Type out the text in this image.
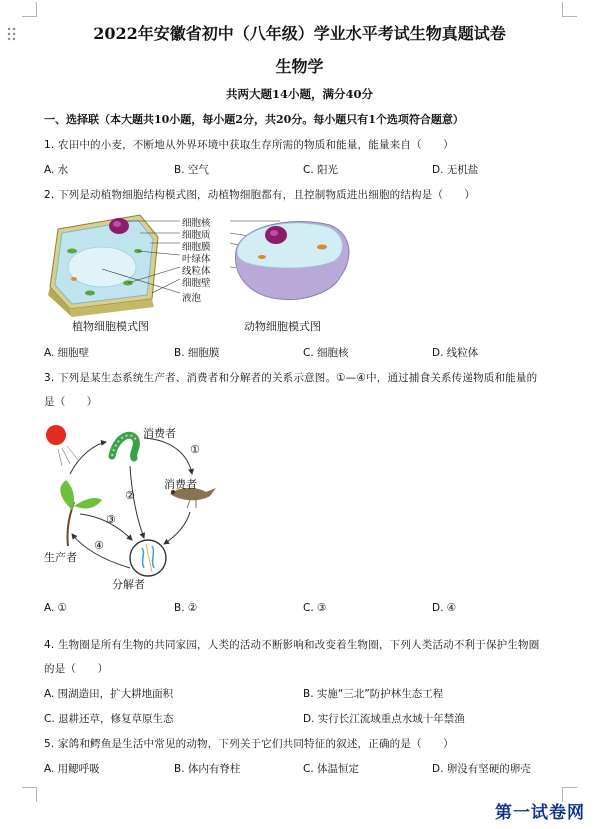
2022年安徽省初中（八年级）学业水平考试生物真题试卷
生物学
共两大题14小题，满分40分
一、选择联（本大题共10小题，每小题2分，共20分。每小题只有1个选项符合题意）
1. 农田中的小麦，不断地从外界环境中获取生存所需的物质和能量，能量来自（　　）
A. 水	B. 空气	C. 阳光	D. 无机盐
2. 下列是动植物细胞结构模式图，动植物细胞都有，且控制物质进出细胞的结构是（　　）
细胞核
细胞质
细胞膜
叶绿体
线粒体
细胞壁
液泡
植物细胞模式图	动物细胞模式图
A. 细胞壁	B. 细胞膜	C. 细胞核	D. 线粒体
3. 下列是某生态系统生产者、消费者和分解者的关系示意图。①—④中，通过捕食关系传递物质和能量的
是（　　）
消费者
消费者
生产者
分解者
①
②
③
④
A. ①	B. ②	C. ③	D. ④
4. 生物圈是所有生物的共同家园，人类的活动不断影响和改变着生物圈，下列人类活动不利于保护生物圈
的是（　　）
A. 围湖造田，扩大耕地面积	B. 实施“三北”防护林生态工程
C. 退耕还草，修复草原生态	D. 实行长江流域重点水域十年禁渔
5. 家鸽和鳄鱼是生活中常见的动物，下列关于它们共同特征的叙述，正确的是（　　）
A. 用鳃呼吸	B. 体内有脊柱	C. 体温恒定	D. 卵没有坚硬的卵壳
第一试卷网
